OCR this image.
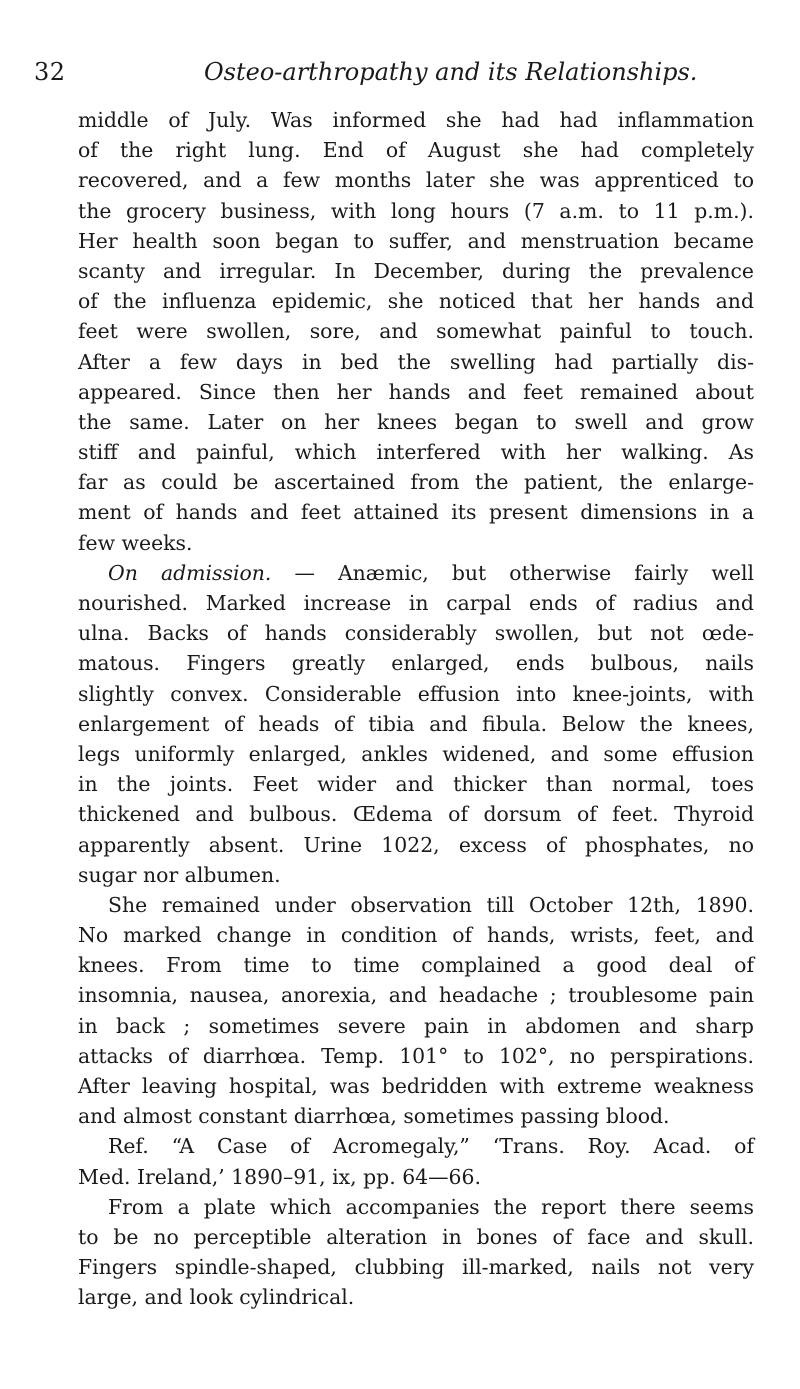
32	Osteo-arthropathy and its Relationships.
middle of July. Was informed she had had inflammation
of the right lung. End of August she had completely
recovered, and a few months later she was apprenticed to
the grocery business, with long hours (7 a.m. to 11 p.m.).
Her health soon began to suffer, and menstruation became
scanty and irregular. In December, during the prevalence
of the influenza epidemic, she noticed that her hands and
feet were swollen, sore, and somewhat painful to touch.
After a few days in bed the swelling had partially dis-
appeared. Since then her hands and feet remained about
the same. Later on her knees began to swell and grow
stiff and painful, which interfered with her walking. As
far as could be ascertained from the patient, the enlarge-
ment of hands and feet attained its present dimensions in a
few weeks.
On admission. — Anæmic, but otherwise fairly well
nourished. Marked increase in carpal ends of radius and
ulna. Backs of hands considerably swollen, but not œde-
matous. Fingers greatly enlarged, ends bulbous, nails
slightly convex. Considerable effusion into knee-joints, with
enlargement of heads of tibia and fibula. Below the knees,
legs uniformly enlarged, ankles widened, and some effusion
in the joints. Feet wider and thicker than normal, toes
thickened and bulbous. Œdema of dorsum of feet. Thyroid
apparently absent. Urine 1022, excess of phosphates, no
sugar nor albumen.
She remained under observation till October 12th, 1890.
No marked change in condition of hands, wrists, feet, and
knees. From time to time complained a good deal of
insomnia, nausea, anorexia, and headache ; troublesome pain
in back ; sometimes severe pain in abdomen and sharp
attacks of diarrhœa. Temp. 101° to 102°, no perspirations.
After leaving hospital, was bedridden with extreme weakness
and almost constant diarrhœa, sometimes passing blood.
Ref. “A Case of Acromegaly,” ‘Trans. Roy. Acad. of
Med. Ireland,’ 1890–91, ix, pp. 64—66.
From a plate which accompanies the report there seems
to be no perceptible alteration in bones of face and skull.
Fingers spindle-shaped, clubbing ill-marked, nails not very
large, and look cylindrical.
